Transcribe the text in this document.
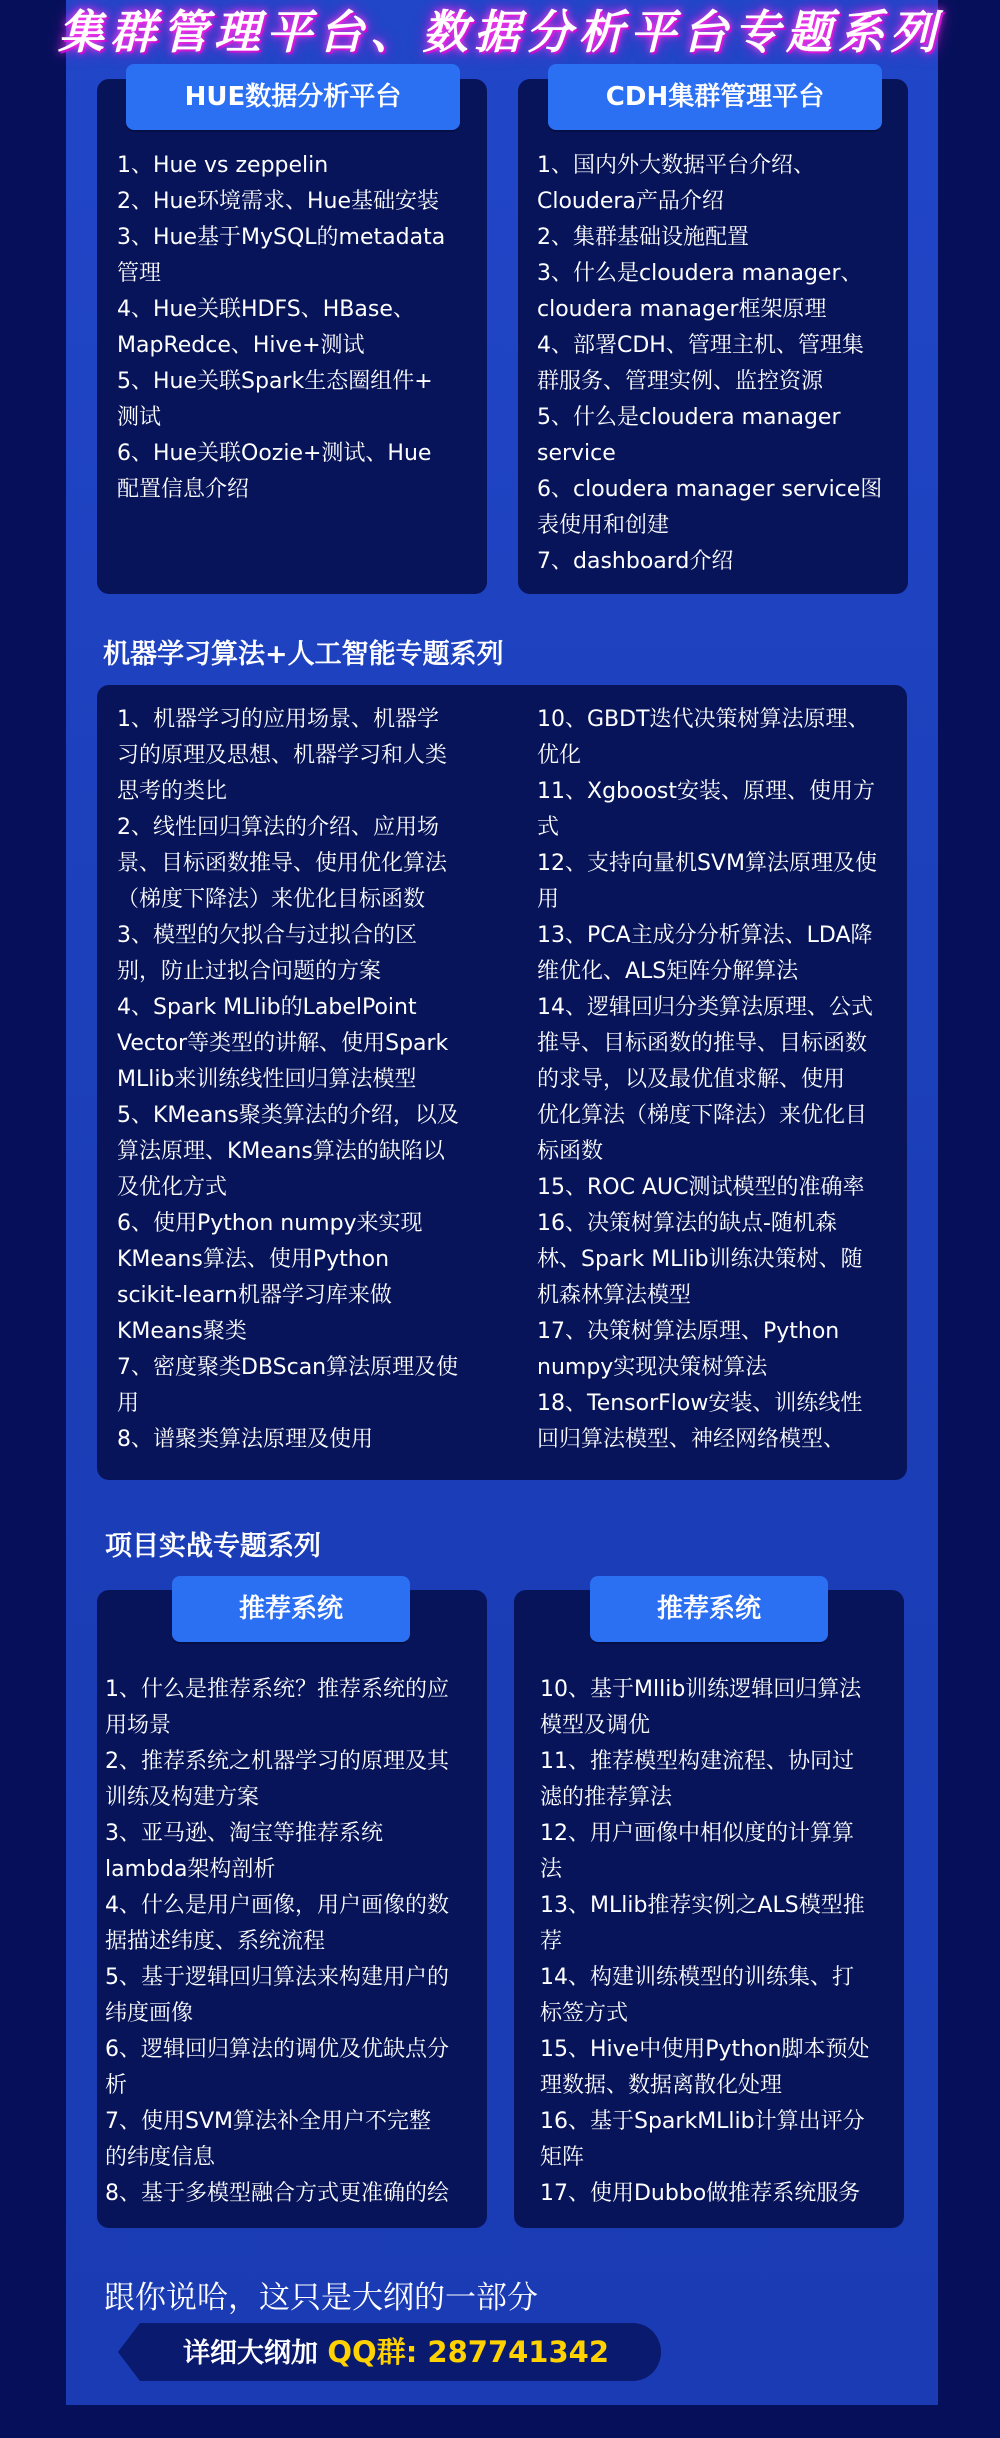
集群管理平台、数据分析平台专题系列
HUE数据分析平台
1、Hue vs zeppelin
2、Hue环境需求、Hue基础安装
3、Hue基于MySQL的metadata
管理
4、Hue关联HDFS、HBase、
MapRedce、Hive+测试
5、Hue关联Spark生态圈组件+
测试
6、Hue关联Oozie+测试、Hue
配置信息介绍
CDH集群管理平台
1、国内外大数据平台介绍、
Cloudera产品介绍
2、集群基础设施配置
3、什么是cloudera manager、
cloudera manager框架原理
4、部署CDH、管理主机、管理集
群服务、管理实例、监控资源
5、什么是cloudera manager
service
6、cloudera manager service图
表使用和创建
7、dashboard介绍
机器学习算法+人工智能专题系列
1、机器学习的应用场景、机器学
习的原理及思想、机器学习和人类
思考的类比
2、线性回归算法的介绍、应用场
景、目标函数推导、使用优化算法
（梯度下降法）来优化目标函数
3、模型的欠拟合与过拟合的区
别，防止过拟合问题的方案
4、Spark MLlib的LabelPoint
Vector等类型的讲解、使用Spark
MLlib来训练线性回归算法模型
5、KMeans聚类算法的介绍，以及
算法原理、KMeans算法的缺陷以
及优化方式
6、使用Python numpy来实现
KMeans算法、使用Python
scikit-learn机器学习库来做
KMeans聚类
7、密度聚类DBScan算法原理及使
用
8、谱聚类算法原理及使用
10、GBDT迭代决策树算法原理、
优化
11、Xgboost安装、原理、使用方
式
12、支持向量机SVM算法原理及使
用
13、PCA主成分分析算法、LDA降
维优化、ALS矩阵分解算法
14、逻辑回归分类算法原理、公式
推导、目标函数的推导、目标函数
的求导，以及最优值求解、使用
优化算法（梯度下降法）来优化目
标函数
15、ROC AUC测试模型的准确率
16、决策树算法的缺点-随机森
林、Spark MLlib训练决策树、随
机森林算法模型
17、决策树算法原理、Python
numpy实现决策树算法
18、TensorFlow安装、训练线性
回归算法模型、神经网络模型、
项目实战专题系列
推荐系统
1、什么是推荐系统？推荐系统的应
用场景
2、推荐系统之机器学习的原理及其
训练及构建方案
3、亚马逊、淘宝等推荐系统
lambda架构剖析
4、什么是用户画像，用户画像的数
据描述纬度、系统流程
5、基于逻辑回归算法来构建用户的
纬度画像
6、逻辑回归算法的调优及优缺点分
析
7、使用SVM算法补全用户不完整
的纬度信息
8、基于多模型融合方式更准确的绘
推荐系统
10、基于Mllib训练逻辑回归算法
模型及调优
11、推荐模型构建流程、协同过
滤的推荐算法
12、用户画像中相似度的计算算
法
13、MLlib推荐实例之ALS模型推
荐
14、构建训练模型的训练集、打
标签方式
15、Hive中使用Python脚本预处
理数据、数据离散化处理
16、基于SparkMLlib计算出评分
矩阵
17、使用Dubbo做推荐系统服务
跟你说哈，这只是大纲的一部分
详细大纲加 QQ群: 287741342
